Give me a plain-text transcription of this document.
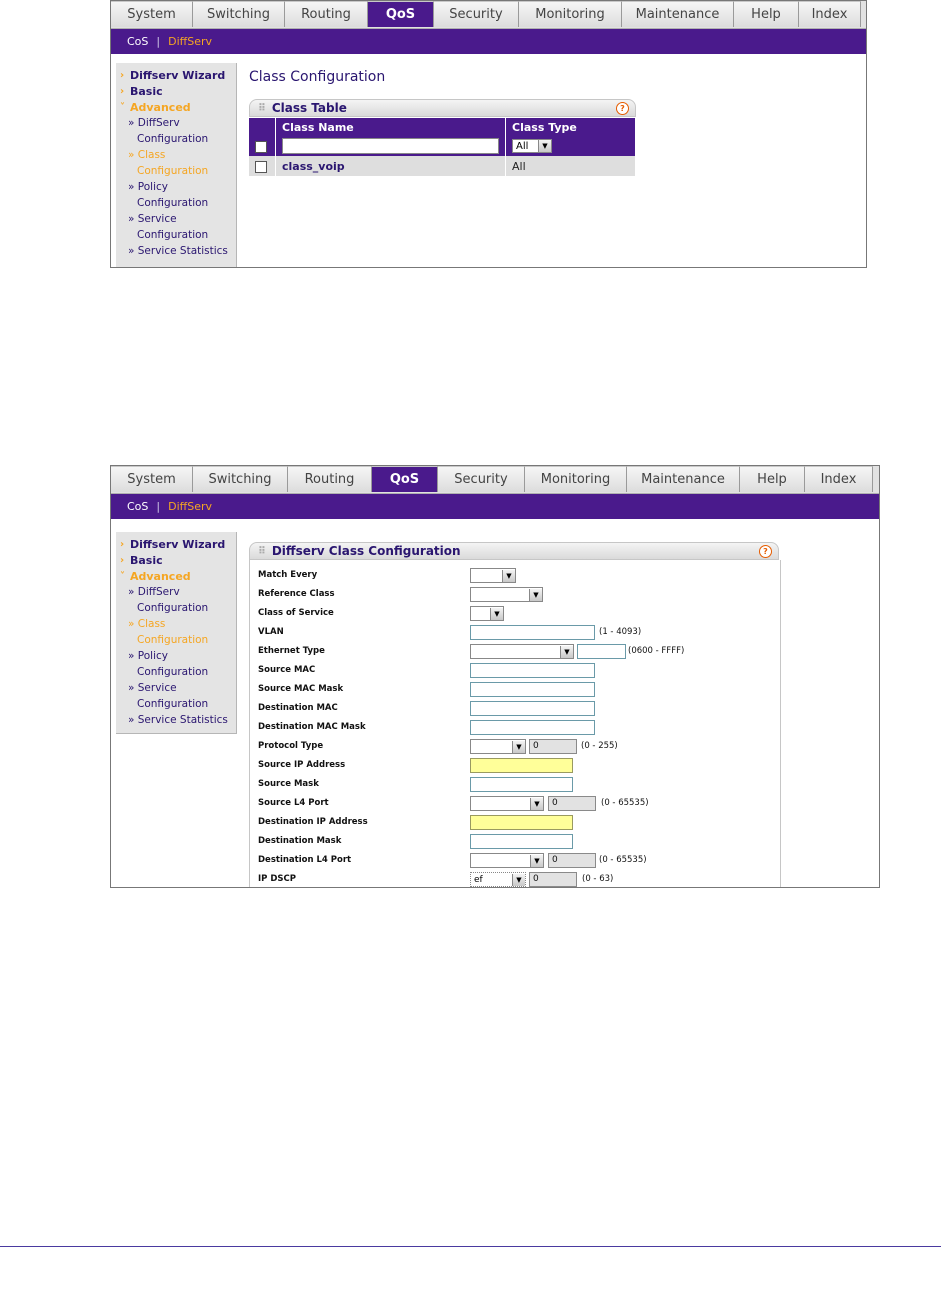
System	Switching	Routing	QoS	Security	Monitoring	Maintenance	Help	Index
CoS | DiffServ
› Diffserv Wizard
› Basic
˅ Advanced
» DiffServ
Configuration
» Class
Configuration
» Policy
Configuration
» Service
Configuration
» Service Statistics
Class Configuration
⠿ Class Table	?
	Class Name	Class Type

	class_ef	All ▼

	class_voip	All
System	Switching	Routing	QoS	Security	Monitoring	Maintenance	Help	Index
CoS | DiffServ
› Diffserv Wizard
› Basic
˅ Advanced
» DiffServ
Configuration
» Class
Configuration
» Policy
Configuration
» Service
Configuration
» Service Statistics
⠿ Diffserv Class Configuration	?
Match Every	▼
Reference Class	▼
Class of Service	▼
VLAN	(1 - 4093)
Ethernet Type	▼	(0600 - FFFF)
Source MAC
Source MAC Mask
Destination MAC
Destination MAC Mask
Protocol Type	▼	0	(0 - 255)
Source IP Address
Source Mask
Source L4 Port	▼	0	(0 - 65535)
Destination IP Address
Destination Mask
Destination L4 Port	▼	0	(0 - 65535)
IP DSCP	ef	▼	0	(0 - 63)
